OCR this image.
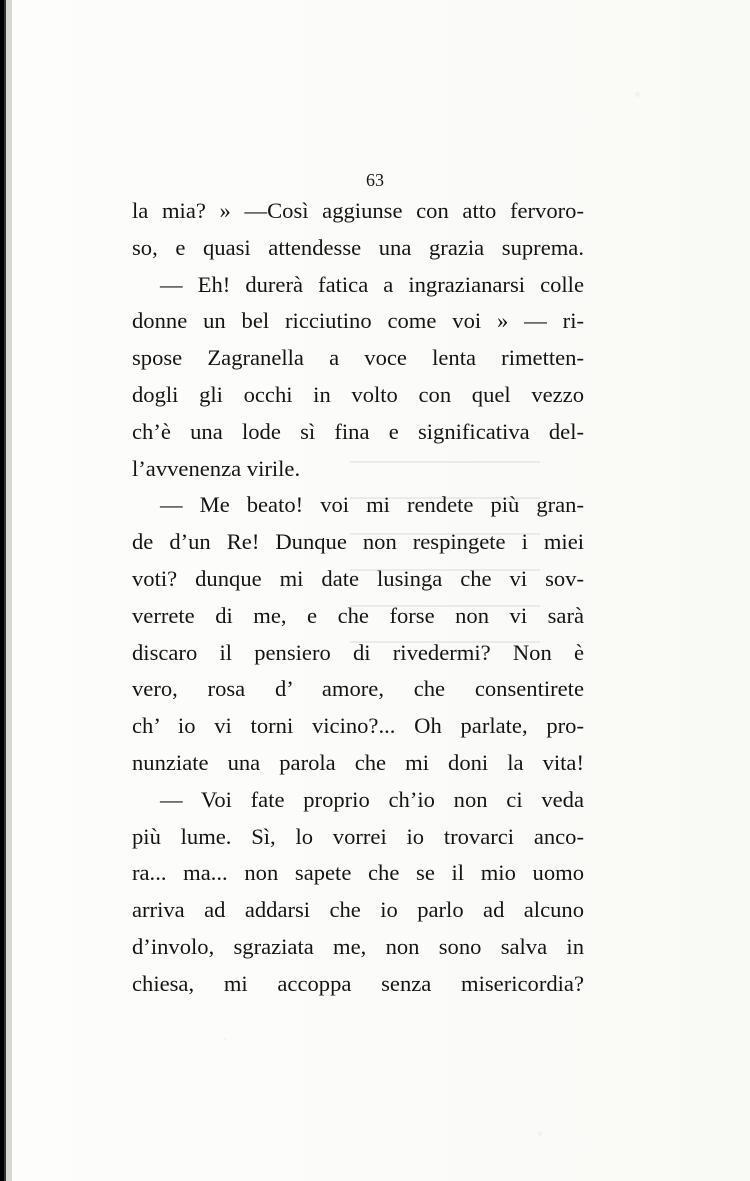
63
la mia? » —Così aggiunse con atto fervoro-
so, e quasi attendesse una grazia suprema.
— Eh! durerà fatica a ingrazianarsi colle
donne un bel ricciutino come voi » — ri-
spose Zagranella a voce lenta rimetten-
dogli gli occhi in volto con quel vezzo
ch’è una lode sì fina e significativa del-
l’avvenenza virile.
— Me beato! voi mi rendete più gran-
de d’un Re! Dunque non respingete i miei
voti? dunque mi date lusinga che vi sov-
verrete di me, e che forse non vi sarà
discaro il pensiero di rivedermi? Non è
vero, rosa d’ amore, che consentirete
ch’ io vi torni vicino?... Oh parlate, pro-
nunziate una parola che mi doni la vita!
— Voi fate proprio ch’io non ci veda
più lume. Sì, lo vorrei io trovarci anco-
ra... ma... non sapete che se il mio uomo
arriva ad addarsi che io parlo ad alcuno
d’involo, sgraziata me, non sono salva in
chiesa, mi accoppa senza misericordia?
